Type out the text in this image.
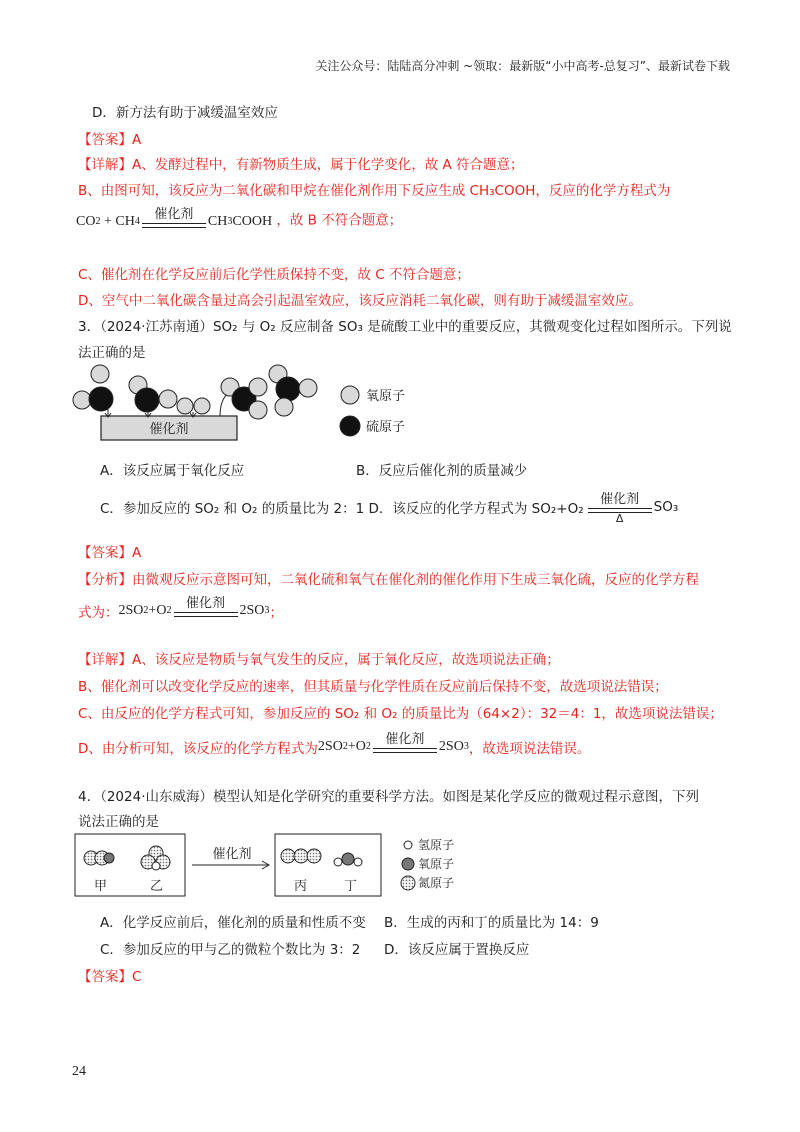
关注公众号：陆陆高分冲刺 ~领取：最新版“小中高考-总复习”、最新试卷下载
D．新方法有助于减缓温室效应
【答案】A
【详解】A、发酵过程中，有新物质生成，属于化学变化，故 A 符合题意；
B、由图可知，该反应为二氧化碳和甲烷在催化剂作用下反应生成 CH₃COOH，反应的化学方程式为
CO 2
+ CH 4
催化剂
CH 3 COOH ，故 B 不符合题意；
C、催化剂在化学反应前后化学性质保持不变，故 C 不符合题意；
D、空气中二氧化碳含量过高会引起温室效应，该反应消耗二氧化碳，则有助于减缓温室效应。
3．（2024·江苏南通）SO₂ 与 O₂ 反应制备 SO₃ 是硫酸工业中的重要反应，其微观变化过程如图所示。下列说
法正确的是
催化剂
氧原子
硫原子
A．该反应属于氧化反应	B．反应后催化剂的质量减少
C．参加反应的 SO₂ 和 O₂ 的质量比为 2：1 D．该反应的化学方程式为 SO₂+O₂
催化剂
Δ
SO₃
【答案】A
【分析】由微观反应示意图可知，二氧化硫和氧气在催化剂的催化作用下生成三氧化硫，反应的化学方程
式为： 2SO 2 +O 2
催化剂
2SO 3 ；
【详解】A、该反应是物质与氧气发生的反应，属于氧化反应，故选项说法正确；
B、催化剂可以改变化学反应的速率，但其质量与化学性质在反应前后保持不变，故选项说法错误；
C、由反应的化学方程式可知，参加反应的 SO₂ 和 O₂ 的质量比为（64×2）：32＝4：1，故选项说法错误；
D、由分析可知，该反应的化学方程式为 2SO 2 +O 2
催化剂
2SO 3 ，故选项说法错误。
4．（2024·山东威海）模型认知是化学研究的重要科学方法。如图是某化学反应的微观过程示意图，下列
说法正确的是
甲	乙
催化剂
丙	丁
氢原子
氧原子
氮原子
A．化学反应前后，催化剂的质量和性质不变 B．生成的丙和丁的质量比为 14：9
C．参加反应的甲与乙的微粒个数比为 3：2 D．该反应属于置换反应
【答案】C
24
